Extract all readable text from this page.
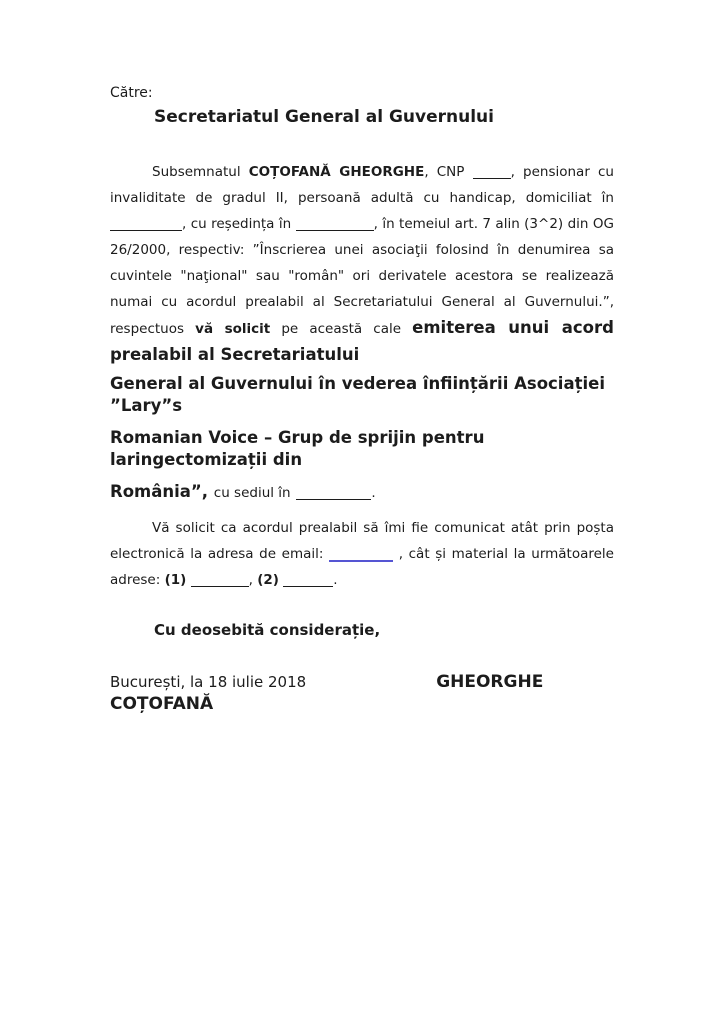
Către:

Secretariatul General al Guvernului

Subsemnatul COȚOFANĂ GHEORGHE, CNP	, pensionar cu invaliditate de gradul II, persoană adultă cu handicap, domiciliat în , cu reședința în	, în temeiul art. 7 alin (3^2) din OG 26/2000, respectiv: ”Înscrierea unei asociaţii folosind în denumirea sa cuvintele "naţional" sau "român" ori derivatele acestora se realizează numai cu acordul prealabil al Secretariatului General al Guvernului.”, respectuos vă solicit pe această cale emiterea unui acord prealabil al Secretariatului

General al Guvernului în vederea înființării Asociației ”Lary”s

Romanian Voice – Grup de sprijin pentru laringectomizații din

România”, cu sediul în	.

Vă solicit ca acordul prealabil să îmi fie comunicat atât prin poșta electronică la adresa de email:	, cât și material la următoarele adrese: (1)	, (2)	.

Cu deosebită considerație,

București, la 18 iulie 2018	GHEORGHE
COȚOFANĂ
